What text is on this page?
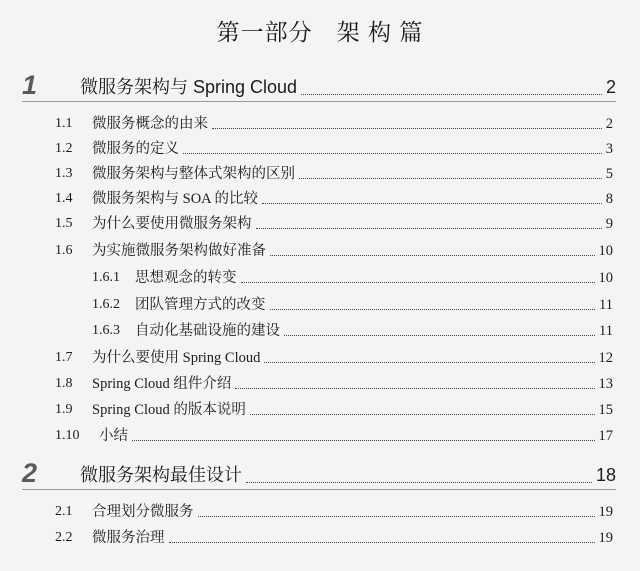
第一部分　架 构 篇
1	微服务架构与 Spring Cloud	2
1.1	微服务概念的由来	2
1.2	微服务的定义	3
1.3	微服务架构与整体式架构的区别	5
1.4	微服务架构与 SOA 的比较	8
1.5	为什么要使用微服务架构	9
1.6	为实施微服务架构做好准备	10
1.6.1	思想观念的转变	10
1.6.2	团队管理方式的改变	11
1.6.3	自动化基础设施的建设	11
1.7	为什么要使用 Spring Cloud	12
1.8	Spring Cloud 组件介绍	13
1.9	Spring Cloud 的版本说明	15
1.10	小结	17
2	微服务架构最佳设计	18
2.1	合理划分微服务	19
2.2	微服务治理	19
